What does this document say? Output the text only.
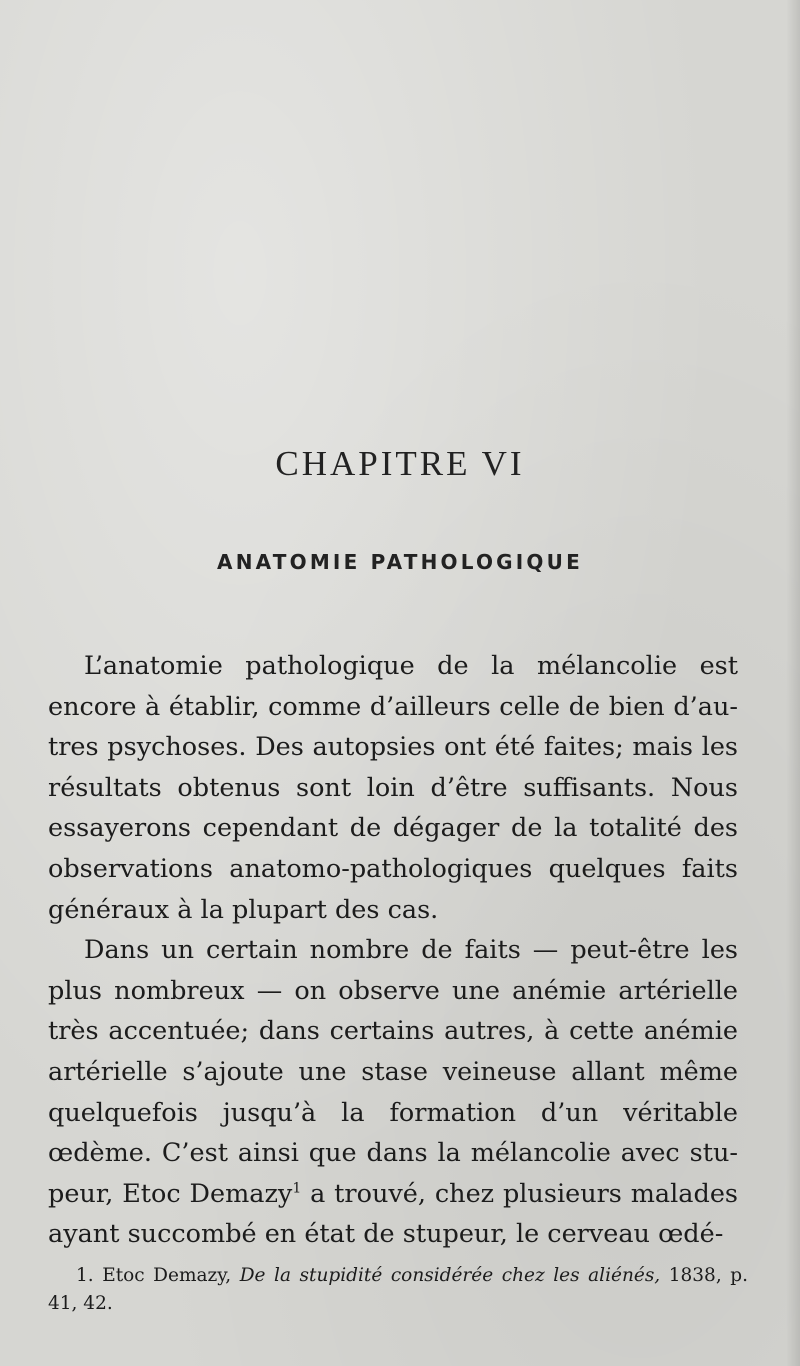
CHAPITRE VI
ANATOMIE PATHOLOGIQUE

L’anatomie pathologique de la mélancolie est encore à établir, comme d’ailleurs celle de bien d’autres psychoses. Des autopsies ont été faites; mais les résultats obtenus sont loin d’être suffisants. Nous essayerons cependant de dégager de la totalité des observations anatomo-pathologiques quelques faits généraux à la plupart des cas.

Dans un certain nombre de faits — peut-être les plus nombreux — on observe une anémie artérielle très accentuée; dans certains autres, à cette anémie artérielle s’ajoute une stase veineuse allant même quelquefois jusqu’à la formation d’un véritable œdème. C’est ainsi que dans la mélancolie avec stupeur, Etoc Demazy$^1$ a trouvé, chez plusieurs malades ayant succombé en état de stupeur, le cerveau œdé-

1. Etoc Demazy, De la stupidité considérée chez les aliénés, 1838, p. 41, 42.
